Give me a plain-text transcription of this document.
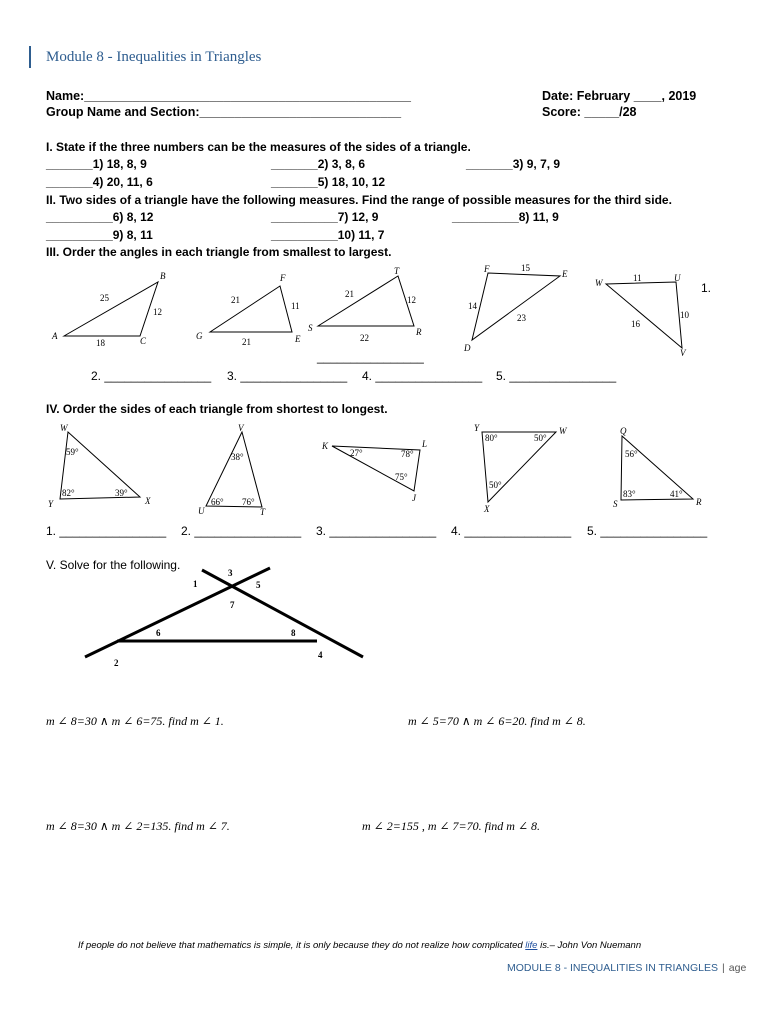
Module 8 - Inequalities in Triangles
Name:_______________________________________________
Group Name and Section:_____________________________
Date: February ____, 2019
Score: _____/28
I. State if the three numbers can be the measures of the sides of a triangle.
_______1) 18, 8, 9	_______2) 3, 8, 6	_______3) 9, 7, 9
_______4) 20, 11, 6	_______5) 18, 10, 12
II. Two sides of a triangle have the following measures. Find the range of possible measures for the third side.
__________6) 8, 12	__________7) 12, 9	__________8) 11, 9
__________9) 8, 11	__________10) 11, 7
III. Order the angles in each triangle from smallest to largest.
A
B
C
25
12
18
G
F
E
21
11
21
S
T
R
21
12
22
________________
F	E
D
15
14
23
W	U
V
11
10
16
1.
2. ________________ 3. ________________ 4. ________________ 5. ________________
IV. Order the sides of each triangle from shortest to longest.
W
Y	X
59°
82°	39°
V
U	T
38°
66° 76°
K	L
J
27°	78°
75°
Y	W
X
80°	50°
50°
Q
S	R
56°
83°	41°
1. ________________ 2. ________________ 3. ________________ 4. ________________ 5. ________________
V. Solve for the following.
1
3
5
7
6	8
2
4
m ∠ 8=30 ∧ m ∠ 6=75. find m ∠ 1.	m ∠ 5=70 ∧ m ∠ 6=20. find m ∠ 8.
m ∠ 8=30 ∧ m ∠ 2=135. find m ∠ 7.	m ∠ 2=155 , m ∠ 7=70. find m ∠ 8.
If people do not believe that mathematics is simple, it is only because they do not realize how complicated life is.– John Von Nuemann
MODULE 8 - INEQUALITIES IN TRIANGLES | age
